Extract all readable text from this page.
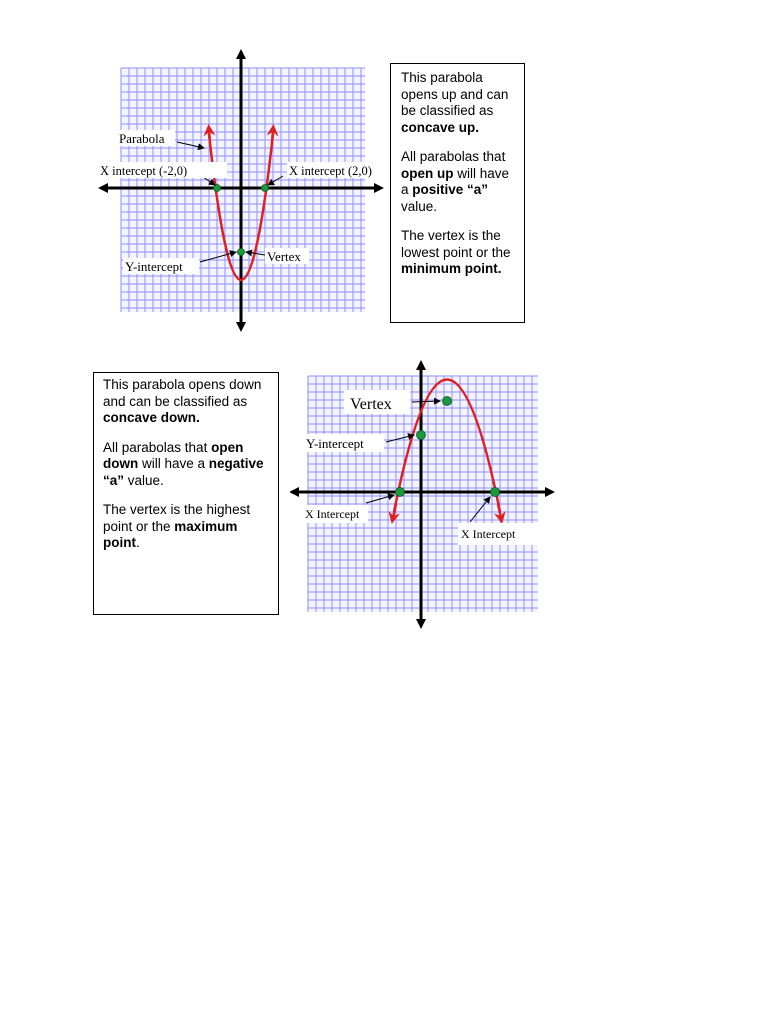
Parabola
X intercept (-2,0)	X intercept (2,0)
Y-intercept
Vertex

This parabola opens up and can be classified as concave up.

All parabolas that open up will have a positive “a” value.

The vertex is the lowest point or the minimum point.

Vertex
Y-intercept
X Intercept
X Intercept

This parabola opens down and can be classified as concave down.

All parabolas that open down will have a negative “a” value.

The vertex is the highest point or the maximum point.
